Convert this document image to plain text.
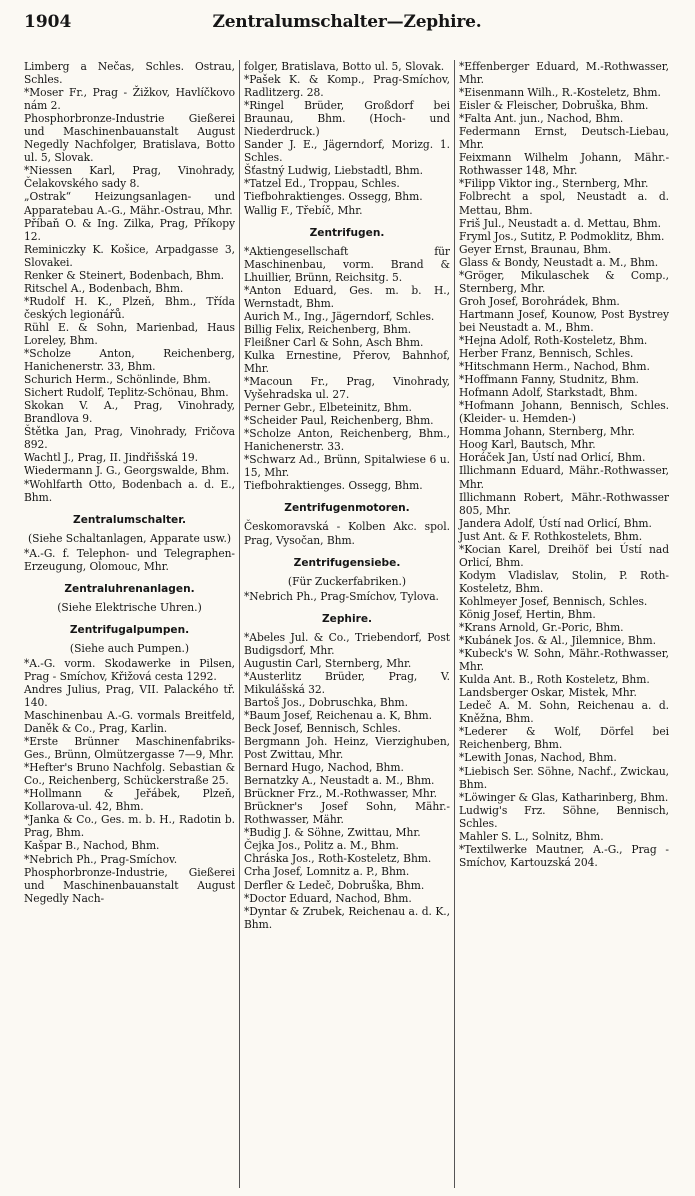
1904	Zentralumschalter—Zephire.

Limberg a Nečas, Schles. Ostrau, Schles.

*Moser Fr., Prag - Žižkov, Havlíčkovo nám 2.

Phosphorbronze-Industrie Gießerei und Maschinenbauanstalt August Negedly Nachfolger, Bratislava, Botto ul. 5, Slovak.

*Niessen Karl, Prag, Vinohrady, Čelakovského sady 8.

„Ostrak“ Heizungsanlagen- und Apparatebau A.-G., Mähr.-Ostrau, Mhr.

Příbaň O. & Ing. Zilka, Prag, Příkopy 12.

Reminiczky K. Košice, Arpadgasse 3, Slovakei.

Renker & Steinert, Bodenbach, Bhm.

Ritschel A., Bodenbach, Bhm.

*Rudolf H. K., Plzeň, Bhm., Třída českých legionářů.

Rühl E. & Sohn, Marienbad, Haus Loreley, Bhm.

*Scholze Anton, Reichenberg, Hanichenerstr. 33, Bhm.

Schurich Herm., Schönlinde, Bhm.

Sichert Rudolf, Teplitz-Schönau, Bhm.

Skokan V. A., Prag, Vinohrady, Brandlova 9.

Štětka Jan, Prag, Vinohrady, Fričova 892.

Wachtl J., Prag, II. Jindřišská 19.

Wiedermann J. G., Georgswalde, Bhm.

*Wohlfarth Otto, Bodenbach a. d. E., Bhm.

Zentralumschalter.

(Siehe Schaltanlagen, Apparate usw.)

*A.-G. f. Telephon- und Telegraphen-Erzeugung, Olomouc, Mhr.

Zentraluhrenanlagen.

(Siehe Elektrische Uhren.)

Zentrifugalpumpen.

(Siehe auch Pumpen.)

*A.-G. vorm. Skodawerke in Pilsen, Prag - Smíchov, Křižová cesta 1292.

Andres Julius, Prag, VII. Palackého tř. 140.

Maschinenbau A.-G. vormals Breitfeld, Daněk & Co., Prag, Karlin.

*Erste Brünner Maschinenfabriks-Ges., Brünn, Olmützergasse 7—9, Mhr.

*Hefter's Bruno Nachfolg. Sebastian & Co., Reichenberg, Schückerstraße 25.

*Hollmann & Jeřábek, Plzeň, Kollarova-ul. 42, Bhm.

*Janka & Co., Ges. m. b. H., Radotin b. Prag, Bhm.

Kašpar B., Nachod, Bhm.

*Nebrich Ph., Prag-Smíchov.

Phosphorbronze-Industrie, Gießerei und Maschinenbauanstalt August Negedly Nach-

folger, Bratislava, Botto ul. 5, Slovak.

*Pašek K. & Komp., Prag-Smíchov, Radlitzerg. 28.

*Ringel Brüder, Großdorf bei Braunau, Bhm. (Hoch- und Niederdruck.)

Sander J. E., Jägerndorf, Morizg. 1. Schles.

Šťastný Ludwig, Liebstadtl, Bhm.

*Tatzel Ed., Troppau, Schles.

Tiefbohraktienges. Ossegg, Bhm.

Wallig F., Třebíč, Mhr.

Zentrifugen.

*Aktiengesellschaft für Maschinenbau, vorm. Brand & Lhuillier, Brünn, Reichsitg. 5.

*Anton Eduard, Ges. m. b. H., Wernstadt, Bhm.

Aurich M., Ing., Jägerndorf, Schles.

Billig Felix, Reichenberg, Bhm.

Fleißner Carl & Sohn, Asch Bhm.

Kulka Ernestine, Přerov, Bahnhof, Mhr.

*Macoun Fr., Prag, Vinohrady, Vyšehradska ul. 27.

Perner Gebr., Elbeteinitz, Bhm.

*Scheider Paul, Reichenberg, Bhm.

*Scholze Anton, Reichenberg, Bhm., Hanichenerstr. 33.

*Schwarz Ad., Brünn, Spitalwiese 6 u. 15, Mhr.

Tiefbohraktienges. Ossegg, Bhm.

Zentrifugenmotoren.

Českomoravská - Kolben Akc. spol. Prag, Vysočan, Bhm.

Zentrifugensiebe.

(Für Zuckerfabriken.)

*Nebrich Ph., Prag-Smíchov, Tylova.

Zephire.

*Abeles Jul. & Co., Triebendorf, Post Budigsdorf, Mhr.

Augustin Carl, Sternberg, Mhr.

*Austerlitz Brüder, Prag, V. Mikulášská 32.

Bartoš Jos., Dobruschka, Bhm.

*Baum Josef, Reichenau a. K, Bhm.

Beck Josef, Bennisch, Schles.

Bergmann Joh. Heinz, Vierzighuben, Post Zwittau, Mhr.

Bernard Hugo, Nachod, Bhm.

Bernatzky A., Neustadt a. M., Bhm.

Brückner Frz., M.-Rothwasser, Mhr.

Brückner's Josef Sohn, Mähr.-Rothwasser, Mähr.

*Budig J. & Söhne, Zwittau, Mhr.

Čejka Jos., Politz a. M., Bhm.

Chráska Jos., Roth-Kosteletz, Bhm.

Crha Josef, Lomnitz a. P., Bhm.

Derfler & Ledeč, Dobruška, Bhm.

*Doctor Eduard, Nachod, Bhm.

*Dyntar & Zrubek, Reichenau a. d. K., Bhm.

*Effenberger Eduard, M.-Rothwasser, Mhr.

*Eisenmann Wilh., R.-Kosteletz, Bhm.

Eisler & Fleischer, Dobruška, Bhm.

*Falta Ant. jun., Nachod, Bhm.

Federmann Ernst, Deutsch-Liebau, Mhr.

Feixmann Wilhelm Johann, Mähr.-Rothwasser 148, Mhr.

*Filipp Viktor ing., Sternberg, Mhr.

Folbrecht a spol, Neustadt a. d. Mettau, Bhm.

Friš Jul., Neustadt a. d. Mettau, Bhm.

Fryml Jos., Sutitz, P. Podmoklitz, Bhm.

Geyer Ernst, Braunau, Bhm.

Glass & Bondy, Neustadt a. M., Bhm.

*Gröger, Mikulaschek & Comp., Sternberg, Mhr.

Groh Josef, Borohrádek, Bhm.

Hartmann Josef, Kounow, Post Bystrey bei Neustadt a. M., Bhm.

*Hejna Adolf, Roth-Kosteletz, Bhm.

Herber Franz, Bennisch, Schles.

*Hitschmann Herm., Nachod, Bhm.

*Hoffmann Fanny, Studnitz, Bhm.

Hofmann Adolf, Starkstadt, Bhm.

*Hofmann Johann, Bennisch, Schles. (Kleider- u. Hemden-)

Homma Johann, Sternberg, Mhr.

Hoog Karl, Bautsch, Mhr.

Horáček Jan, Ústí nad Orlicí, Bhm.

Illichmann Eduard, Mähr.-Rothwasser, Mhr.

Illichmann Robert, Mähr.-Rothwasser 805, Mhr.

Jandera Adolf, Ústí nad Orlicí, Bhm.

Just Ant. & F. Rothkostelets, Bhm.

*Kocian Karel, Dreihöf bei Ústí nad Orlicí, Bhm.

Kodym Vladislav, Stolin, P. Roth-Kosteletz, Bhm.

Kohlmeyer Josef, Bennisch, Schles.

König Josef, Hertin, Bhm.

*Krans Arnold, Gr.-Poric, Bhm.

*Kubánek Jos. & Al., Jilemnice, Bhm.

*Kubeck's W. Sohn, Mähr.-Rothwasser, Mhr.

Kulda Ant. B., Roth Kosteletz, Bhm.

Landsberger Oskar, Mistek, Mhr.

Ledeč A. M. Sohn, Reichenau a. d. Kněžna, Bhm.

*Lederer & Wolf, Dörfel bei Reichenberg, Bhm.

*Lewith Jonas, Nachod, Bhm.

*Liebisch Ser. Söhne, Nachf., Zwickau, Bhm.

*Löwinger & Glas, Katharinberg, Bhm.

Ludwig's Frz. Söhne, Bennisch, Schles.

Mahler S. L., Solnitz, Bhm.

*Textilwerke Mautner, A.-G., Prag - Smíchov, Kartouzská 204.
